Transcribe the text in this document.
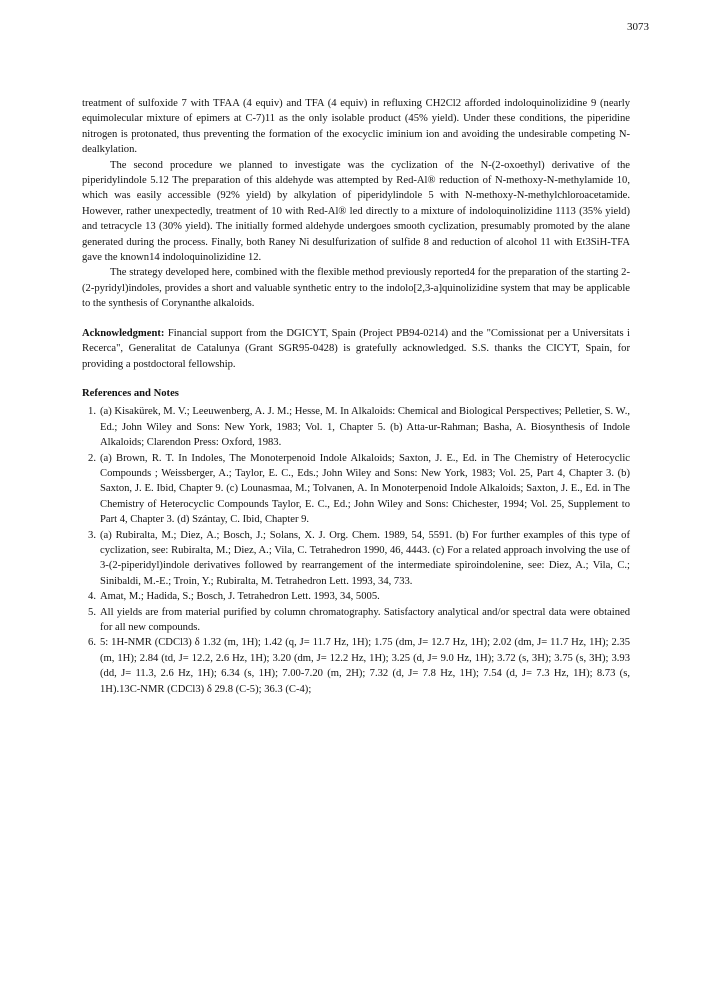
3073

treatment of sulfoxide 7 with TFAA (4 equiv) and TFA (4 equiv) in refluxing CH2Cl2 afforded indoloquinolizidine 9 (nearly equimolecular mixture of epimers at C-7)11 as the only isolable product (45% yield). Under these conditions, the piperidine nitrogen is protonated, thus preventing the formation of the exocyclic iminium ion and avoiding the undesirable competing N-dealkylation.

The second procedure we planned to investigate was the cyclization of the N-(2-oxoethyl) derivative of the piperidylindole 5.12 The preparation of this aldehyde was attempted by Red-Al® reduction of N-methoxy-N-methylamide 10, which was easily accessible (92% yield) by alkylation of piperidylindole 5 with N-methoxy-N-methylchloroacetamide. However, rather unexpectedly, treatment of 10 with Red-Al® led directly to a mixture of indoloquinolizidine 1113 (35% yield) and tetracycle 13 (30% yield). The initially formed aldehyde undergoes smooth cyclization, presumably promoted by the alane generated during the process. Finally, both Raney Ni desulfurization of sulfide 8 and reduction of alcohol 11 with Et3SiH-TFA gave the known14 indoloquinolizidine 12.

The strategy developed here, combined with the flexible method previously reported4 for the preparation of the starting 2-(2-pyridyl)indoles, provides a short and valuable synthetic entry to the indolo[2,3-a]quinolizidine system that may be applicable to the synthesis of Corynanthe alkaloids.

Acknowledgment: Financial support from the DGICYT, Spain (Project PB94-0214) and the "Comissionat per a Universitats i Recerca", Generalitat de Catalunya (Grant SGR95-0428) is gratefully acknowledged. S.S. thanks the CICYT, Spain, for providing a postdoctoral fellowship.

References and Notes

1. (a) Kisakürek, M. V.; Leeuwenberg, A. J. M.; Hesse, M. In Alkaloids: Chemical and Biological Perspectives; Pelletier, S. W., Ed.; John Wiley and Sons: New York, 1983; Vol. 1, Chapter 5. (b) Atta-ur-Rahman; Basha, A. Biosynthesis of Indole Alkaloids; Clarendon Press: Oxford, 1983.
2. (a) Brown, R. T. In Indoles, The Monoterpenoid Indole Alkaloids; Saxton, J. E., Ed. in The Chemistry of Heterocyclic Compounds ; Weissberger, A.; Taylor, E. C., Eds.; John Wiley and Sons: New York, 1983; Vol. 25, Part 4, Chapter 3. (b) Saxton, J. E. Ibid, Chapter 9. (c) Lounasmaa, M.; Tolvanen, A. In Monoterpenoid Indole Alkaloids; Saxton, J. E., Ed. in The Chemistry of Heterocyclic Compounds Taylor, E. C., Ed.; John Wiley and Sons: Chichester, 1994; Vol. 25, Supplement to Part 4, Chapter 3. (d) Szántay, C. Ibid, Chapter 9.
3. (a) Rubiralta, M.; Diez, A.; Bosch, J.; Solans, X. J. Org. Chem. 1989, 54, 5591. (b) For further examples of this type of cyclization, see: Rubiralta, M.; Diez, A.; Vila, C. Tetrahedron 1990, 46, 4443. (c) For a related approach involving the use of 3-(2-piperidyl)indole derivatives followed by rearrangement of the intermediate spiroindolenine, see: Diez, A.; Vila, C.; Sinibaldi, M.-E.; Troin, Y.; Rubiralta, M. Tetrahedron Lett. 1993, 34, 733.
4. Amat, M.; Hadida, S.; Bosch, J. Tetrahedron Lett. 1993, 34, 5005.
5. All yields are from material purified by column chromatography. Satisfactory analytical and/or spectral data were obtained for all new compounds.
6. 5: 1H-NMR (CDCl3) δ 1.32 (m, 1H); 1.42 (q, J= 11.7 Hz, 1H); 1.75 (dm, J= 12.7 Hz, 1H); 2.02 (dm, J= 11.7 Hz, 1H); 2.35 (m, 1H); 2.84 (td, J= 12.2, 2.6 Hz, 1H); 3.20 (dm, J= 12.2 Hz, 1H); 3.25 (d, J= 9.0 Hz, 1H); 3.72 (s, 3H); 3.75 (s, 3H); 3.93 (dd, J= 11.3, 2.6 Hz, 1H); 6.34 (s, 1H); 7.00-7.20 (m, 2H); 7.32 (d, J= 7.8 Hz, 1H); 7.54 (d, J= 7.3 Hz, 1H); 8.73 (s, 1H).13C-NMR (CDCl3) δ 29.8 (C-5); 36.3 (C-4);
